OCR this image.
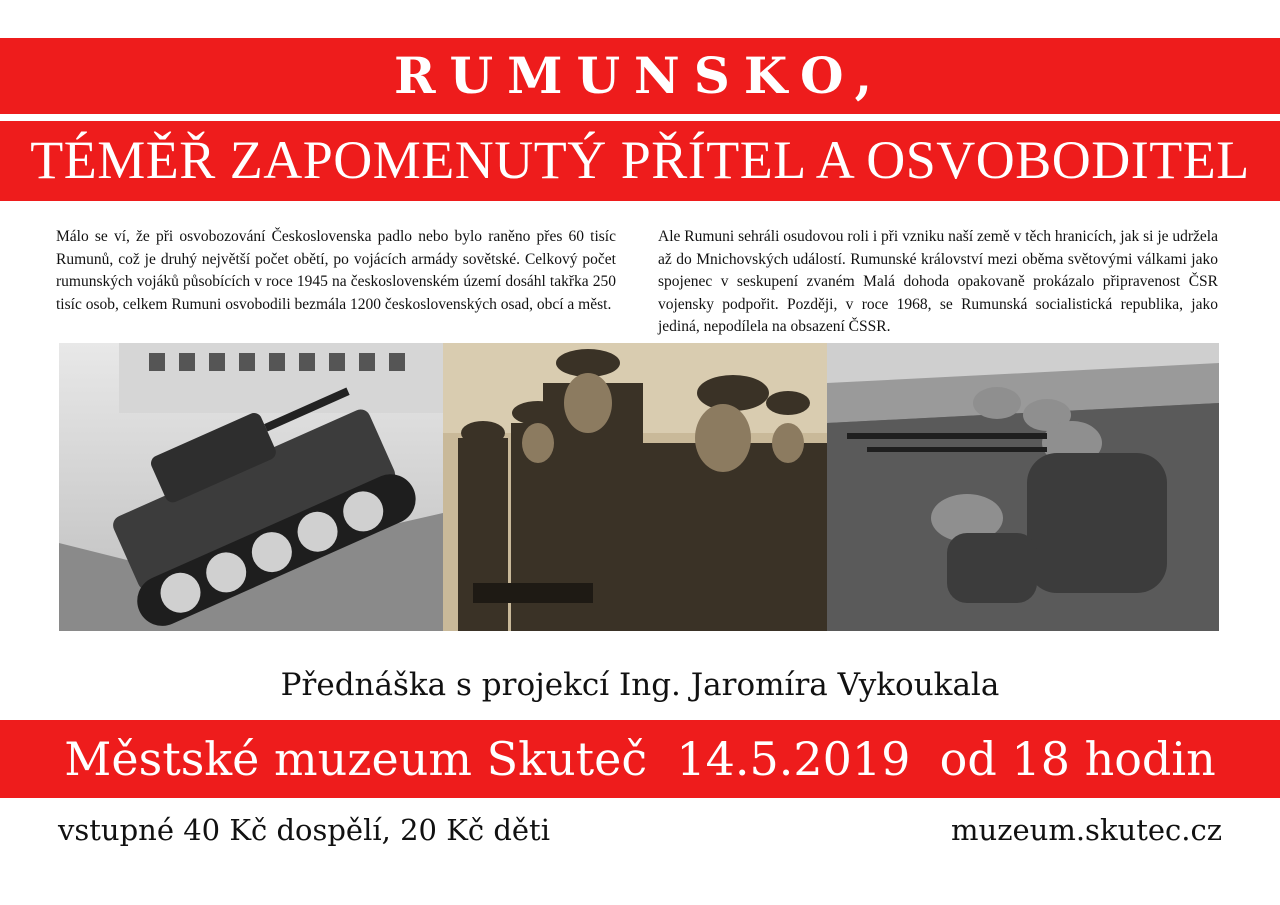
RUMUNSKO,
TÉMĚŘ ZAPOMENUTÝ PŘÍTEL A OSVOBODITEL
Málo se ví, že při osvobozování Československa padlo nebo bylo raněno přes 60 tisíc Rumunů, což je druhý největší počet obětí, po vojácích armády sovětské. Celkový počet rumunských vojáků působících v roce 1945 na československém území dosáhl takřka 250 tisíc osob, celkem Rumuni osvobodili bezmála 1200 československých osad, obcí a měst.
Ale Rumuni sehráli osudovou roli i při vzniku naší země v těch hranicích, jak si je udržela až do Mnichovských událostí. Rumunské království mezi oběma světovými válkami jako spojenec v seskupení zvaném Malá dohoda opakovaně prokázalo připravenost ČSR vojensky podpořit. Později, v roce 1968, se Rumunská socialistická republika, jako jediná, nepodílela na obsazení ČSSR.
Přednáška s projekcí Ing. Jaromíra Vykoukala
Městské muzeum Skuteč  14.5.2019  od 18 hodin
vstupné 40 Kč dospělí, 20 Kč děti	muzeum.skutec.cz
